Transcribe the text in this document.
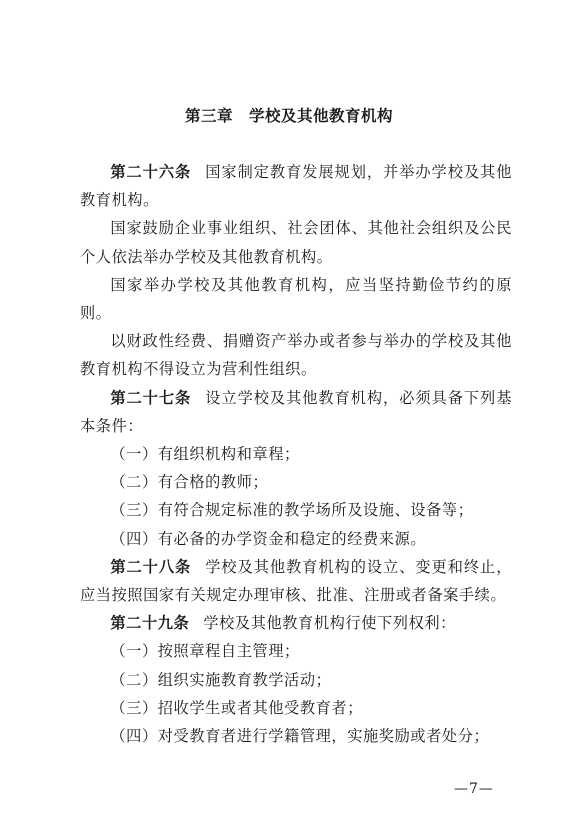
第三章　学校及其他教育机构

第二十六条 国家制定教育发展规划，并举办学校及其他教育机构。

国家鼓励企业事业组织、社会团体、其他社会组织及公民个人依法举办学校及其他教育机构。

国家举办学校及其他教育机构，应当坚持勤俭节约的原则。

以财政性经费、捐赠资产举办或者参与举办的学校及其他教育机构不得设立为营利性组织。

第二十七条 设立学校及其他教育机构，必须具备下列基本条件：

（一）有组织机构和章程；

（二）有合格的教师；

（三）有符合规定标准的教学场所及设施、设备等；

（四）有必备的办学资金和稳定的经费来源。

第二十八条 学校及其他教育机构的设立、变更和终止，应当按照国家有关规定办理审核、批准、注册或者备案手续。

第二十九条 学校及其他教育机构行使下列权利：

（一）按照章程自主管理；

（二）组织实施教育教学活动；

（三）招收学生或者其他受教育者；

（四）对受教育者进行学籍管理，实施奖励或者处分；

—7—
